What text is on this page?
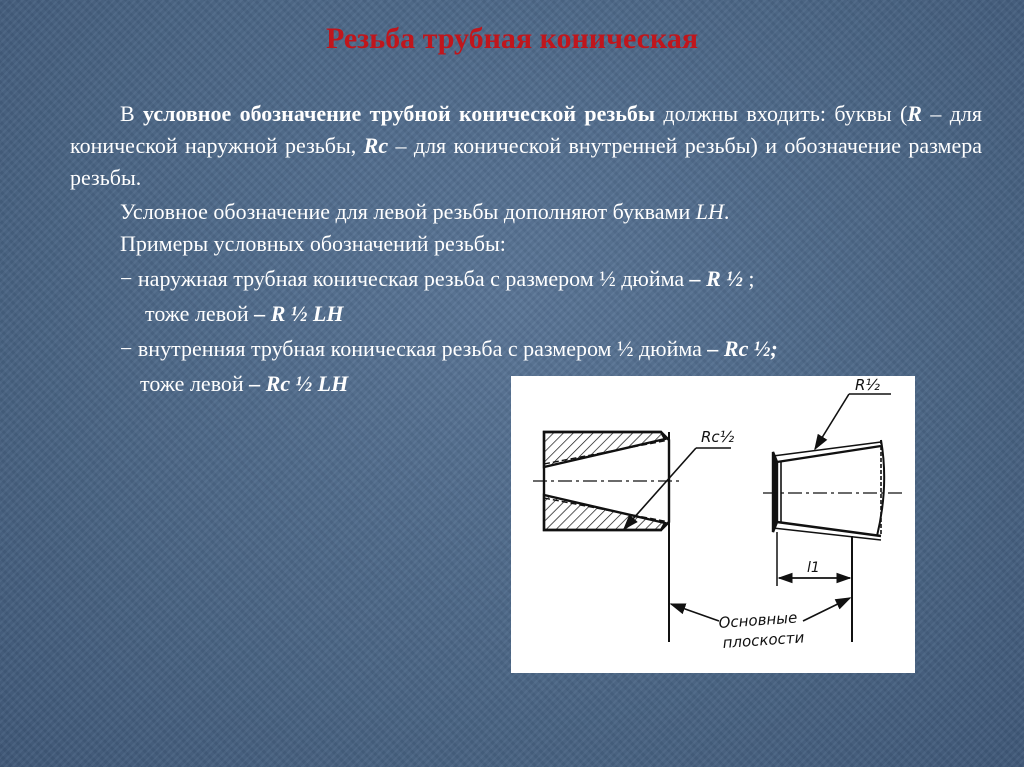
Резьба трубная коническая

В условное обозначение трубной конической резьбы должны входить: буквы (R – для конической наружной резьбы, Rc – для конической внутренней резьбы) и обозначение размера резьбы.

Условное обозначение для левой резьбы дополняют буквами LH.

Примеры условных обозначений резьбы:

− наружная трубная коническая резьба с размером ½ дюйма – R ½ ;

тоже левой – R ½ LH

− внутренняя трубная коническая резьба с размером ½ дюйма – Rc ½;

тоже левой – Rc ½ LH

Rc½
R½
l1
Основные
плоскости
